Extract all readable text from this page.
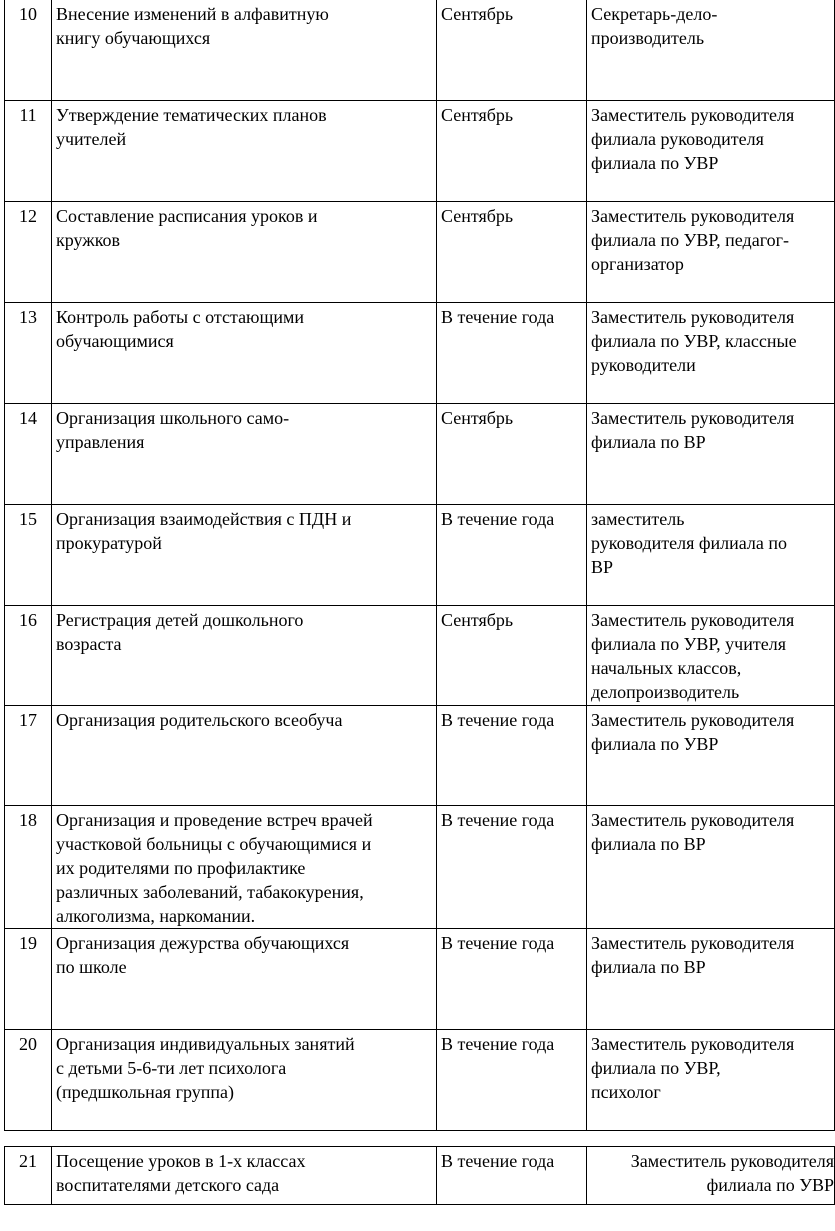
10	Внесение изменений в алфавитную
книгу обучающихся	Сентябрь	Секретарь-дело-
производитель

11	Утверждение тематических планов
учителей	Сентябрь	Заместитель руководителя
филиала руководителя
филиала по УВР

12	Составление расписания уроков и
кружков	Сентябрь	Заместитель руководителя
филиала по УВР, педагог-
организатор

13	Контроль работы с отстающими
обучающимися	В течение года	Заместитель руководителя
филиала по УВР, классные
руководители

14	Организация школьного само-
управления	Сентябрь	Заместитель руководителя
филиала по ВР

15	Организация взаимодействия с ПДН и
прокуратурой	В течение года	заместитель
руководителя филиала по
ВР

16	Регистрация детей дошкольного
возраста	Сентябрь	Заместитель руководителя
филиала по УВР, учителя
начальных классов,
делопроизводитель

17	Организация родительского всеобуча	В течение года	Заместитель руководителя
филиала по УВР

18	Организация и проведение встреч врачей
участковой больницы с обучающимися и
их родителями по профилактике
различных заболеваний, табакокурения,
алкоголизма, наркомании.	В течение года	Заместитель руководителя
филиала по ВР

19	Организация дежурства обучающихся
по школе	В течение года	Заместитель руководителя
филиала по ВР

20	Организация индивидуальных занятий
с детьми 5-6-ти лет психолога
(предшкольная группа)	В течение года	Заместитель руководителя
филиала по УВР,
психолог
21	Посещение уроков в 1-х классах
воспитателями детского сада
	В течение года	Заместитель руководителя
филиала по УВР
